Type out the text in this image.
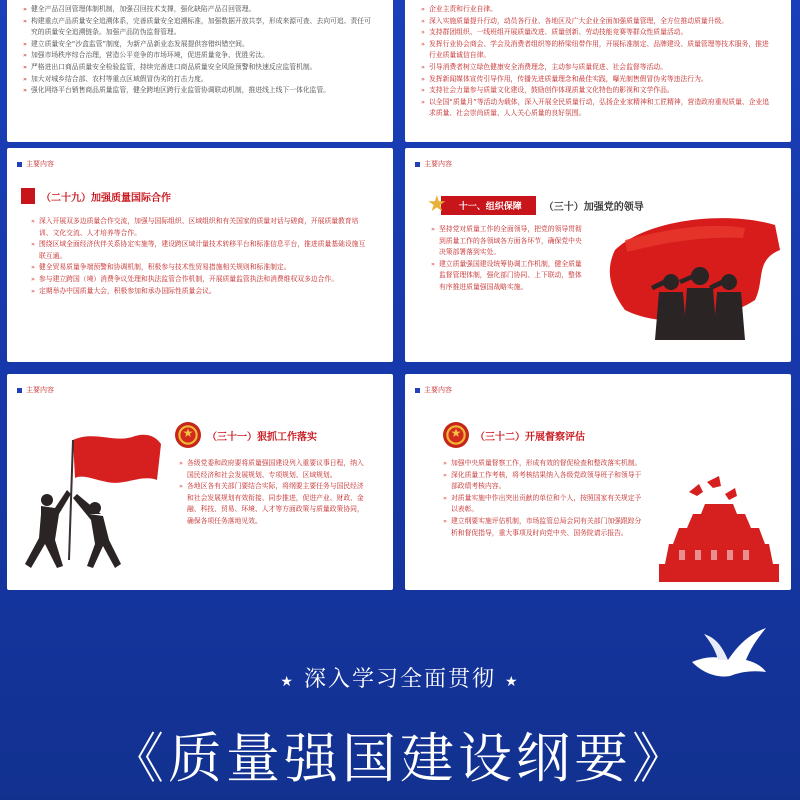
» 健全产品召回管理体制机制，加强召回技术支撑，强化缺陷产品召回管理。
» 构建重点产品质量安全追溯体系，完善质量安全追溯标准，加强数据开放共享，形成来源可查、去向可追、责任可究的质量安全追溯链条。加强产品防伪监督管理。
» 建立质量安全“沙盒监管”制度，为新产品新业态发展提供容错纠错空间。
» 加强市场秩序综合治理，营造公平竞争的市场环境，促进质量竞争、优胜劣汰。
» 严格进出口商品质量安全检验监管，持续完善进口商品质量安全风险预警和快速反应监管机制。
» 加大对城乡结合部、农村等重点区域假冒伪劣的打击力度。
» 强化网络平台销售商品质量监管，健全跨地区跨行业监管协调联动机制，推进线上线下一体化监管。
» 企业主责和行业自律。
» 深入实施质量提升行动，动员各行业、各地区及广大企业全面加强质量管理，全方位推动质量升级。
» 支持群团组织、一线班组开展质量改进、质量创新、劳动技能竞赛等群众性质量活动。
» 发挥行业协会商会、学会及消费者组织等的桥梁纽带作用，开展标准制定、品牌建设、质量管理等技术服务，推进行业质量诚信自律。
» 引导消费者树立绿色健康安全消费理念，主动参与质量促进、社会监督等活动。
» 发挥新闻媒体宣传引导作用，传播先进质量理念和最佳实践，曝光制售假冒伪劣等违法行为。
» 支持社会力量参与质量文化建设，鼓励创作体现质量文化特色的影视和文学作品。
» 以全国“质量月”等活动为载体，深入开展全民质量行动，弘扬企业家精神和工匠精神，营造政府重视质量、企业追求质量、社会崇尚质量、人人关心质量的良好氛围。
主要内容
（二十九）加强质量国际合作
» 深入开展双多边质量合作交流，加强与国际组织、区域组织和有关国家的质量对话与磋商，开展质量教育培训、文化交流、人才培养等合作。
» 围绕区域全面经济伙伴关系协定实施等，建设跨区域计量技术转移平台和标准信息平台，推进质量基础设施互联互通。
» 健全贸易质量争端预警和协调机制，积极参与技术性贸易措施相关规则和标准制定。
» 参与建立跨国（境）消费争议处理和执法监管合作机制，开展质量监管执法和消费维权双多边合作。
» 定期举办中国质量大会，积极参加和承办国际性质量会议。
主要内容
★	十一、组织保障	（三十）加强党的领导
» 坚持党对质量工作的全面领导，把党的领导贯彻到质量工作的各领域各方面各环节，确保党中央决策部署落到实处。
» 建立质量强国建设统筹协调工作机制，健全质量监督管理体制，强化部门协同、上下联动，整体有序推进质量强国战略实施。
主要内容
★
（三十一）狠抓工作落实
» 各级党委和政府要将质量强国建设列入重要议事日程，纳入国民经济和社会发展规划、专项规划、区域规划。
» 各地区各有关部门要结合实际，将纲要主要任务与国民经济和社会发展规划有效衔接、同步推进，促进产业、财政、金融、科技、贸易、环境、人才等方面政策与质量政策协同，确保各项任务落地见效。
主要内容
★
（三十二）开展督察评估
» 加强中央质量督察工作，形成有效的督促检查和整改落实机制。
» 深化质量工作考核，将考核结果纳入各级党政领导班子和领导干部政绩考核内容。
» 对质量实施中作出突出贡献的单位和个人，按照国家有关规定予以表彰。
» 建立纲要实施评估机制，市场监管总局会同有关部门加强跟踪分析和督促指导，重大事项及时向党中央、国务院请示报告。
★ 深入学习全面贯彻 ★
《质量强国建设纲要》
